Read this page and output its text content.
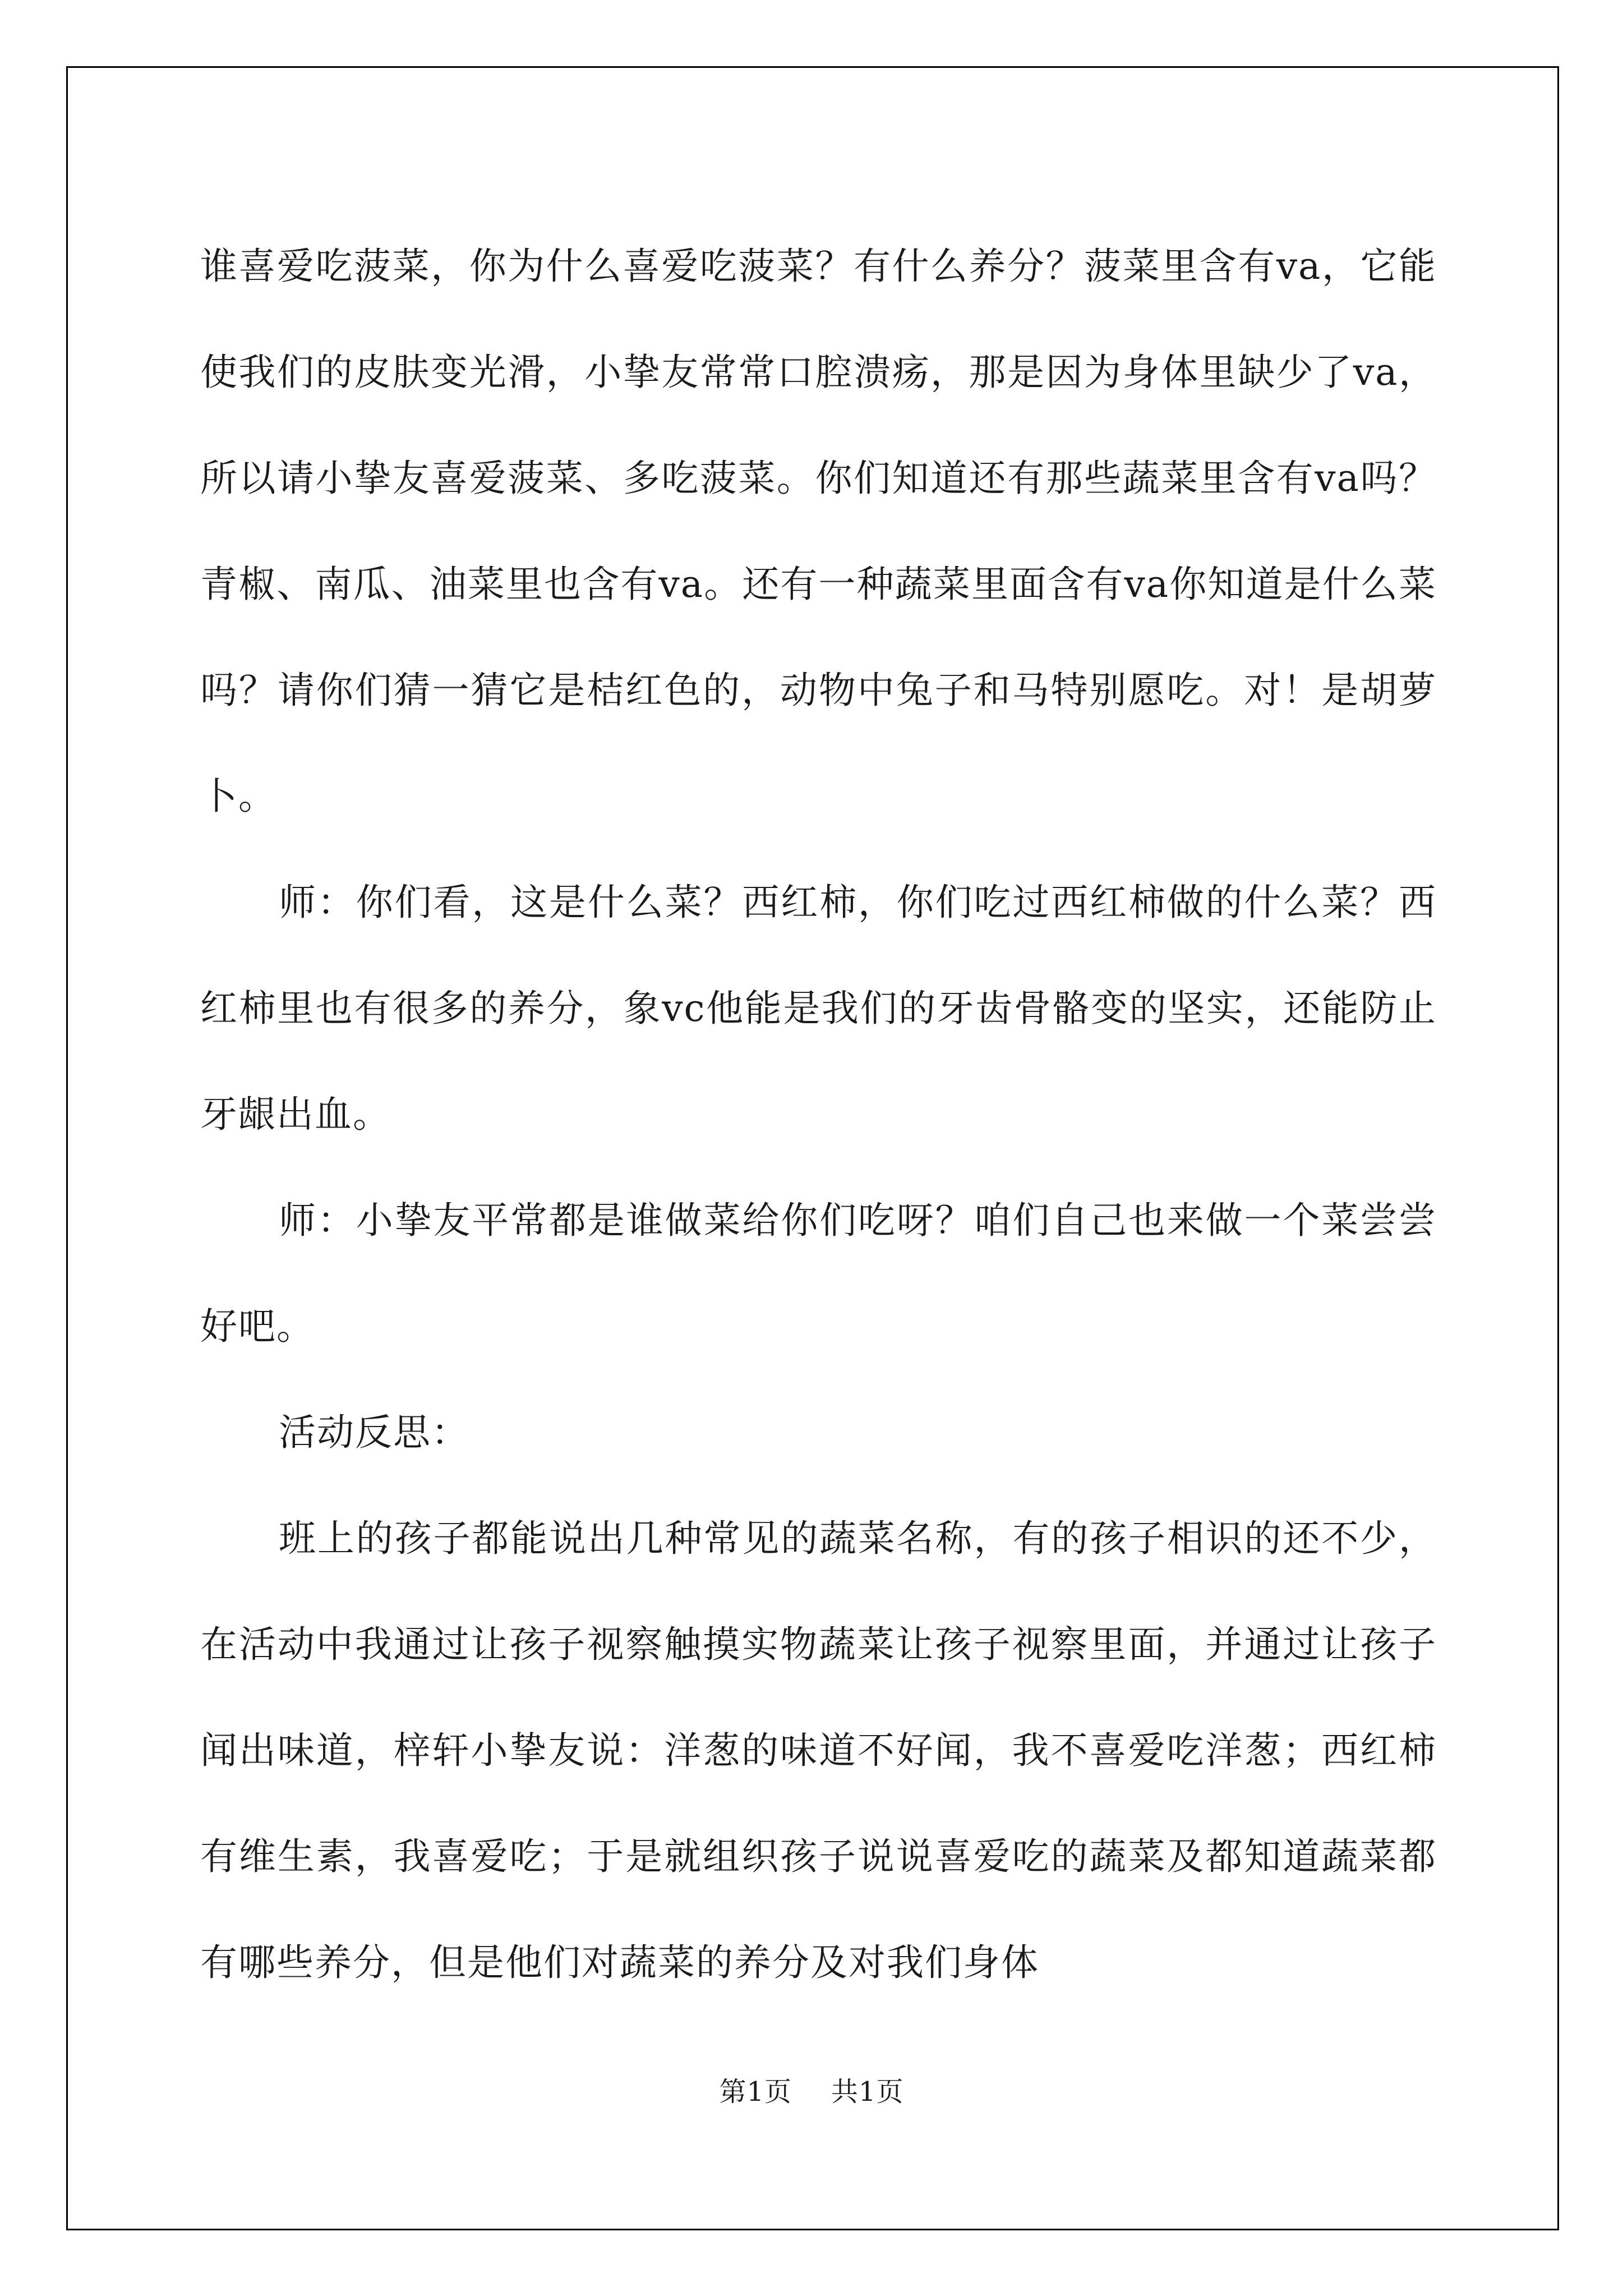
谁喜爱吃菠菜，你为什么喜爱吃菠菜？有什么养分？菠菜里含有va，它能使我们的皮肤变光滑，小挚友常常口腔溃疡，那是因为身体里缺少了va，所以请小挚友喜爱菠菜、多吃菠菜。你们知道还有那些蔬菜里含有va吗？青椒、南瓜、油菜里也含有va。还有一种蔬菜里面含有va你知道是什么菜吗？请你们猜一猜它是桔红色的，动物中兔子和马特别愿吃。对！是胡萝卜。

师：你们看，这是什么菜？西红柿，你们吃过西红柿做的什么菜？西红柿里也有很多的养分，象vc他能是我们的牙齿骨骼变的坚实，还能防止牙龈出血。

师：小挚友平常都是谁做菜给你们吃呀？咱们自己也来做一个菜尝尝好吧。

活动反思：

班上的孩子都能说出几种常见的蔬菜名称，有的孩子相识的还不少，在活动中我通过让孩子视察触摸实物蔬菜让孩子视察里面，并通过让孩子闻出味道，梓轩小挚友说：洋葱的味道不好闻，我不喜爱吃洋葱；西红柿有维生素，我喜爱吃；于是就组织孩子说说喜爱吃的蔬菜及都知道蔬菜都有哪些养分，但是他们对蔬菜的养分及对我们身体

第1页 共1页
